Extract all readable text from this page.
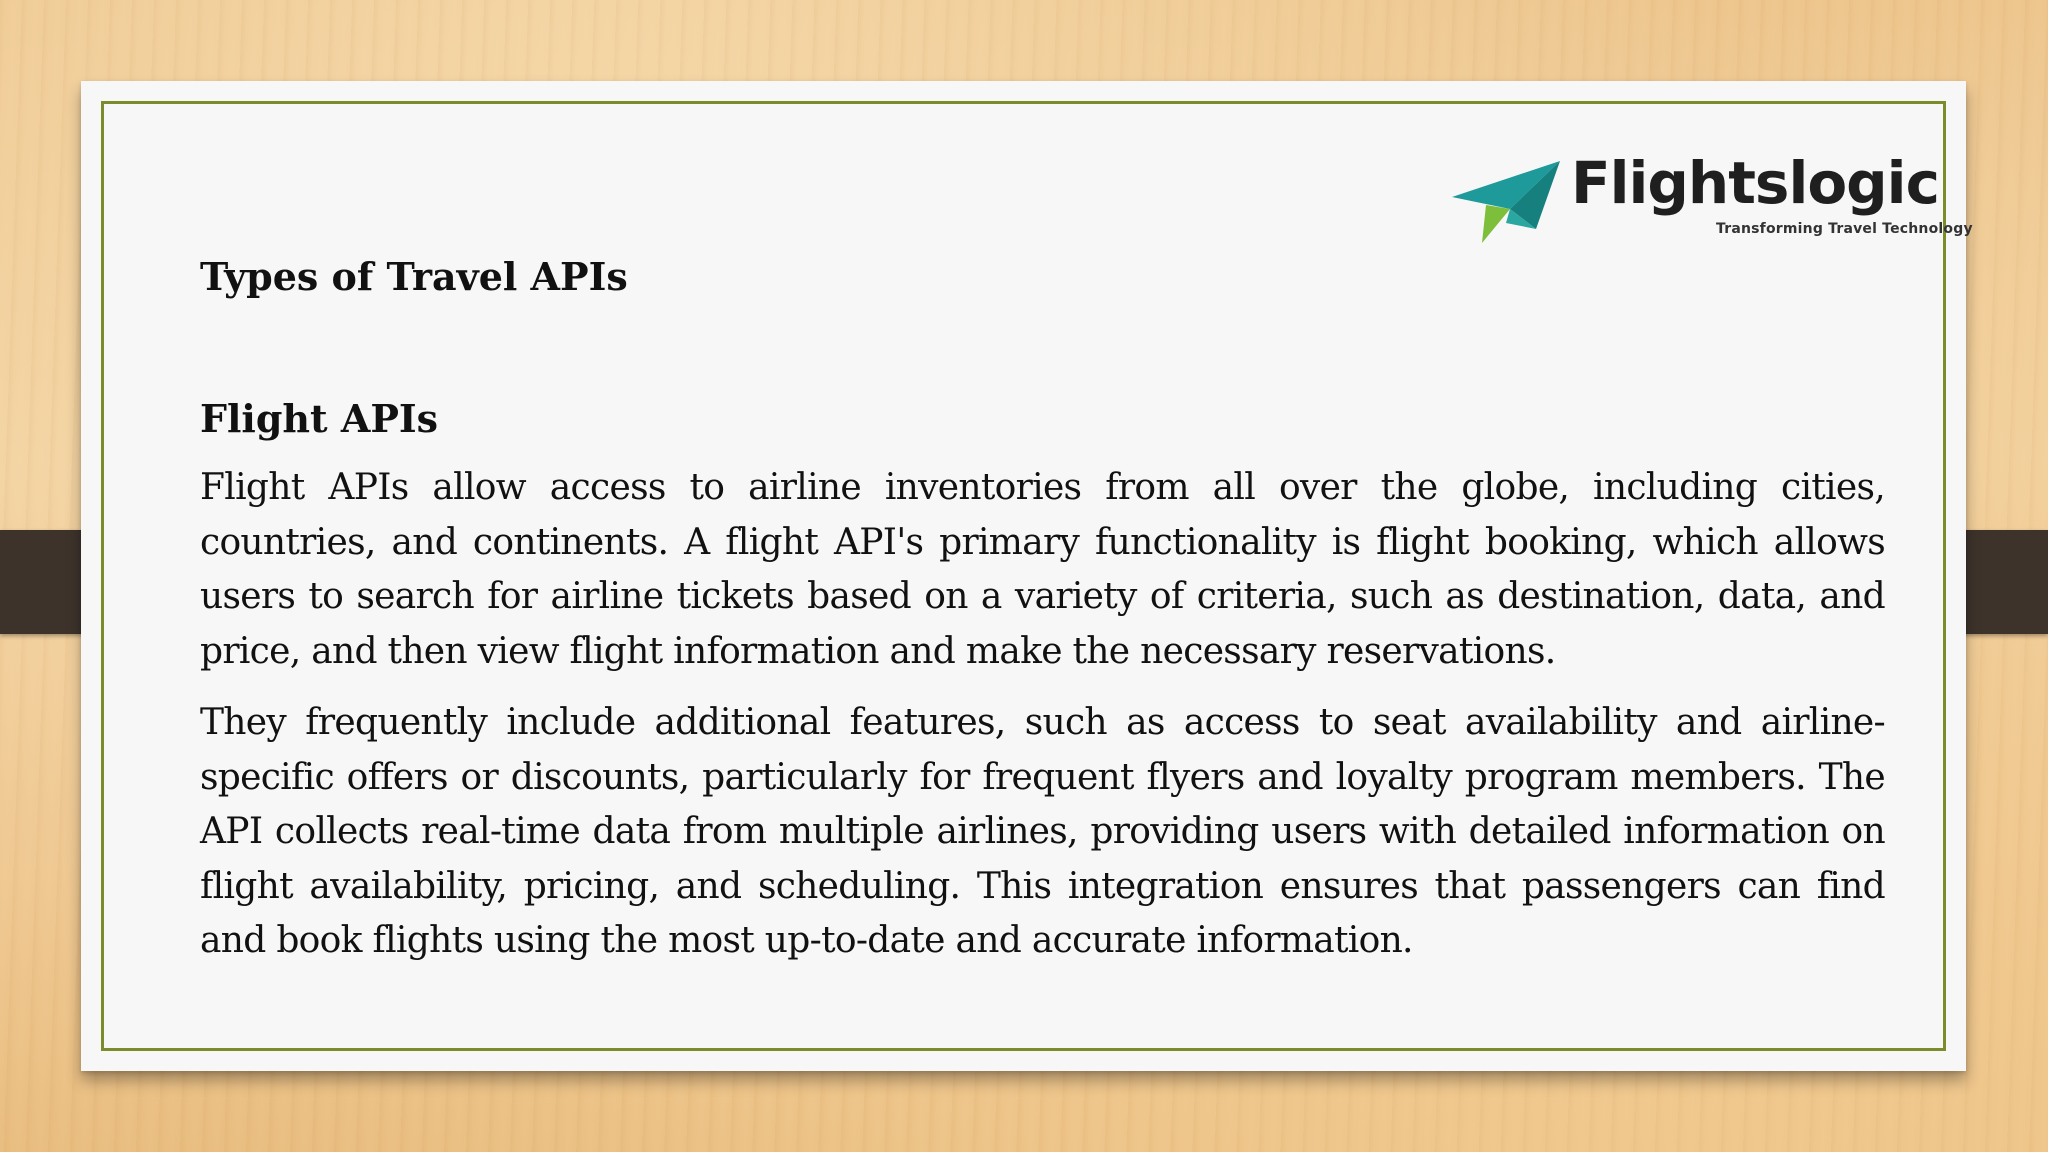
Flightslogic
Transforming Travel Technology
Types of Travel APIs
Flight APIs

Flight APIs allow access to airline inventories from all over the globe, including cities, countries, and continents. A flight API's primary functionality is flight booking, which allows users to search for airline tickets based on a variety of criteria, such as destination, data, and price, and then view flight information and make the necessary reservations.

They frequently include additional features, such as access to seat availability and airline-specific offers or discounts, particularly for frequent flyers and loyalty program members. The API collects real-time data from multiple airlines, providing users with detailed information on flight availability, pricing, and scheduling. This integration ensures that passengers can find and book flights using the most up-to-date and accurate information.
